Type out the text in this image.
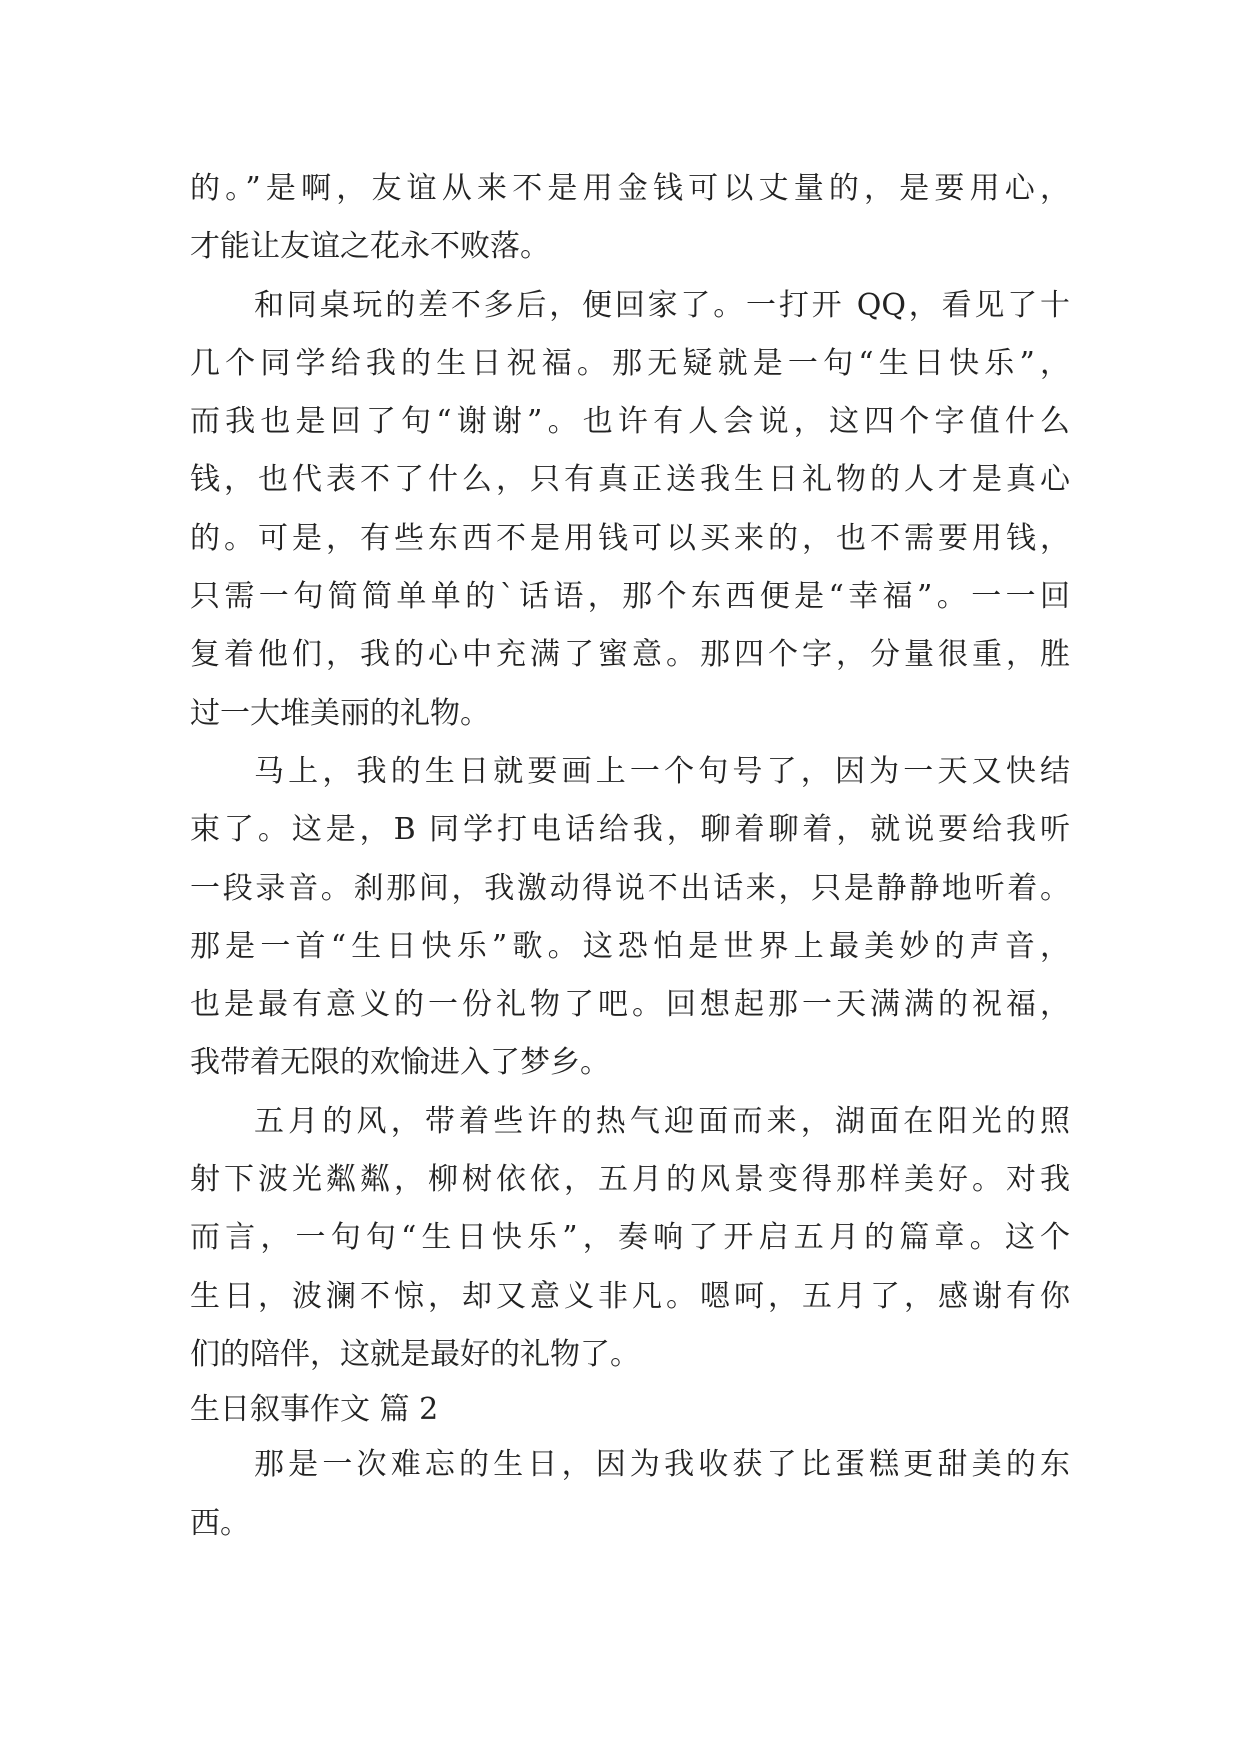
的。”是啊，友谊从来不是用金钱可以丈量的，是要用心，
才能让友谊之花永不败落。
和同桌玩的差不多后，便回家了。一打开 QQ，看见了十
几个同学给我的生日祝福。那无疑就是一句“生日快乐”，
而我也是回了句“谢谢”。也许有人会说，这四个字值什么
钱，也代表不了什么，只有真正送我生日礼物的人才是真心
的。可是，有些东西不是用钱可以买来的，也不需要用钱，
只需一句简简单单的`话语，那个东西便是“幸福”。一一回
复着他们，我的心中充满了蜜意。那四个字，分量很重，胜
过一大堆美丽的礼物。
马上，我的生日就要画上一个句号了，因为一天又快结
束了。这是，B 同学打电话给我，聊着聊着，就说要给我听
一段录音。刹那间，我激动得说不出话来，只是静静地听着。
那是一首“生日快乐”歌。这恐怕是世界上最美妙的声音，
也是最有意义的一份礼物了吧。回想起那一天满满的祝福，
我带着无限的欢愉进入了梦乡。
五月的风，带着些许的热气迎面而来，湖面在阳光的照
射下波光粼粼，柳树依依，五月的风景变得那样美好。对我
而言，一句句“生日快乐”，奏响了开启五月的篇章。这个
生日，波澜不惊，却又意义非凡。嗯呵，五月了，感谢有你
们的陪伴，这就是最好的礼物了。
生日叙事作文 篇 2
那是一次难忘的生日，因为我收获了比蛋糕更甜美的东
西。
